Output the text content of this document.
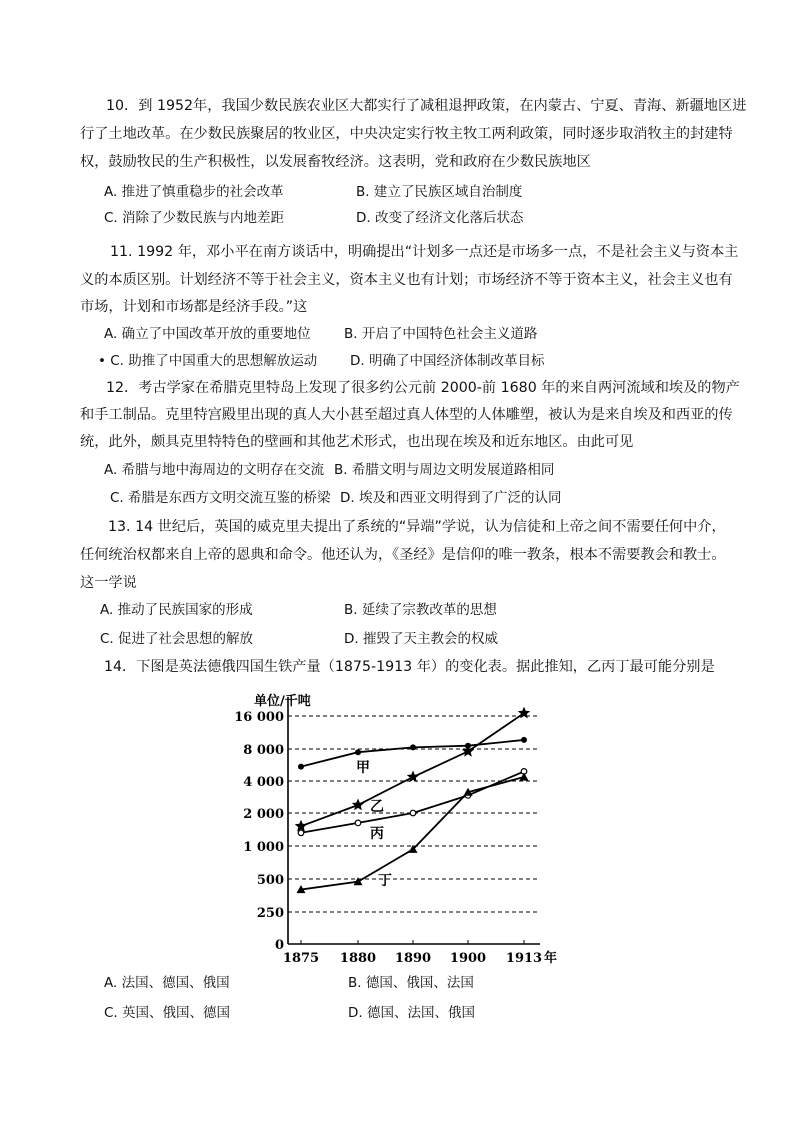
10．到 1952年，我国少数民族农业区大都实行了减租退押政策，在内蒙古、宁夏、青海、新疆地区进
行了土地改革。在少数民族聚居的牧业区，中央决定实行牧主牧工两利政策，同时逐步取消牧主的封建特
权，鼓励牧民的生产积极性，以发展畜牧经济。这表明，党和政府在少数民族地区
A. 推进了慎重稳步的社会改革	B. 建立了民族区域自治制度
C. 消除了少数民族与内地差距	D. 改变了经济文化落后状态
11. 1992 年，邓小平在南方谈话中，明确提出“计划多一点还是市场多一点，不是社会主义与资本主
义的本质区别。计划经济不等于社会主义，资本主义也有计划；市场经济不等于资本主义，社会主义也有
市场，计划和市场都是经济手段。”这
A. 确立了中国改革开放的重要地位 B. 开启了中国特色社会主义道路
• C. 助推了中国重大的思想解放运动 D. 明确了中国经济体制改革目标
12．考古学家在希腊克里特岛上发现了很多约公元前 2000-前 1680 年的来自两河流域和埃及的物产
和手工制品。克里特宫殿里出现的真人大小甚至超过真人体型的人体雕塑，被认为是来自埃及和西亚的传
统，此外，颇具克里特特色的壁画和其他艺术形式，也出现在埃及和近东地区。由此可见
A. 希腊与地中海周边的文明存在交流 B. 希腊文明与周边文明发展道路相同
C. 希腊是东西方文明交流互鉴的桥梁 D. 埃及和西亚文明得到了广泛的认同
13. 14 世纪后，英国的威克里夫提出了系统的“异端”学说，认为信徒和上帝之间不需要任何中介，
任何统治权都来自上帝的恩典和命令。他还认为，《圣经》是信仰的唯一教条，根本不需要教会和教士。
这一学说
A. 推动了民族国家的形成	B. 延续了宗教改革的思想
C. 促进了社会思想的解放	D. 摧毁了天主教会的权威
14．下图是英法德俄四国生铁产量（1875-1913 年）的变化表。据此推知，乙丙丁最可能分别是
0
250
500
1 000
2 000
4 000
8 000
16 000
单位/千吨
1875 1880 1890 1900 1913 年
甲
乙
丙
丁
A. 法国、德国、俄国	B. 德国、俄国、法国
C. 英国、俄国、德国	D. 德国、法国、俄国
